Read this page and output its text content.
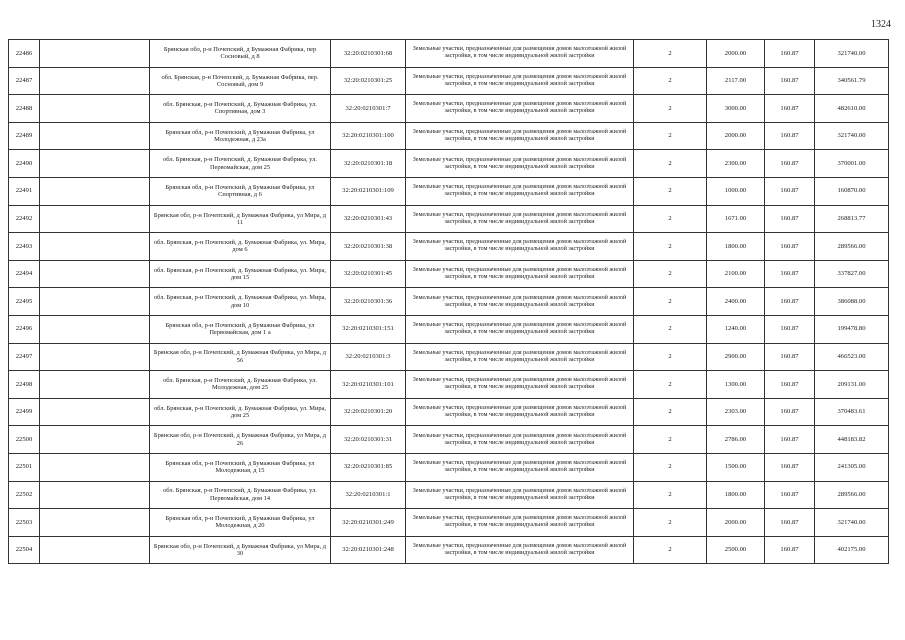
1324
22486		Брянская обл, р-н Почепский, д Бумажная Фабрика, пер Сосновый, д 8	32:20:0210301:68	Земельные участки, предназначенные для размещения домов малоэтажной жилой застройки, в том числе индивидуальной жилой застройки	2	2000.00	160.87	321740.00
22487		обл. Брянская, р-н Почепский, д. Бумажная Фабрика, пер. Сосновый, дом 9	32:20:0210301:25	Земельные участки, предназначенные для размещения домов малоэтажной жилой застройки, в том числе индивидуальной жилой застройки	2	2117.00	160.87	340561.79
22488		обл. Брянская, р-н Почепский, д. Бумажная Фабрика, ул. Спортивная, дом 3	32:20:0210301:7	Земельные участки, предназначенные для размещения домов малоэтажной жилой застройки, в том числе индивидуальной жилой застройки	2	3000.00	160.87	482610.00
22489		Брянская обл, р-н Почепский, д Бумажная Фабрика, ул Молодежная, д 23а	32:20:0210301:100	Земельные участки, предназначенные для размещения домов малоэтажной жилой застройки, в том числе индивидуальной жилой застройки	2	2000.00	160.87	321740.00
22490		обл. Брянская, р-н Почепский, д. Бумажная Фабрика, ул. Первомайская, дом 25	32:20:0210301:18	Земельные участки, предназначенные для размещения домов малоэтажной жилой застройки, в том числе индивидуальной жилой застройки	2	2300.00	160.87	370001.00
22491		Брянская обл, р-н Почепский, д Бумажная Фабрика, ул Спортивная, д 6	32:20:0210301:109	Земельные участки, предназначенные для размещения домов малоэтажной жилой застройки, в том числе индивидуальной жилой застройки	2	1000.00	160.87	160870.00
22492		Брянская обл, р-н Почепский, д Бумажная Фабрика, ул Мира, д 11	32:20:0210301:43	Земельные участки, предназначенные для размещения домов малоэтажной жилой застройки, в том числе индивидуальной жилой застройки	2	1671.00	160.87	268813.77
22493		обл. Брянская, р-н Почепский, д. Бумажная Фабрика, ул. Мира, дом 6	32:20:0210301:38	Земельные участки, предназначенные для размещения домов малоэтажной жилой застройки, в том числе индивидуальной жилой застройки	2	1800.00	160.87	289566.00
22494		обл. Брянская, р-н Почепский, д. Бумажная Фабрика, ул. Мира, дом 15	32:20:0210301:45	Земельные участки, предназначенные для размещения домов малоэтажной жилой застройки, в том числе индивидуальной жилой застройки	2	2100.00	160.87	337827.00
22495		обл. Брянская, р-н Почепский, д. Бумажная Фабрика, ул. Мира, дом 10	32:20:0210301:36	Земельные участки, предназначенные для размещения домов малоэтажной жилой застройки, в том числе индивидуальной жилой застройки	2	2400.00	160.87	386088.00
22496		Брянская обл, р-н Почепский, д Бумажная Фабрика, ул Первомайская, дом 1 а	32:20:0210301:151	Земельные участки, предназначенные для размещения домов малоэтажной жилой застройки, в том числе индивидуальной жилой застройки	2	1240.00	160.87	199478.80
22497		Брянская обл, р-н Почепский, д Бумажная Фабрика, ул Мира, д 56	32:20:0210301:3	Земельные участки, предназначенные для размещения домов малоэтажной жилой застройки, в том числе индивидуальной жилой застройки	2	2900.00	160.87	466523.00
22498		обл. Брянская, р-н Почепский, д. Бумажная Фабрика, ул. Молодежная, дом 25	32:20:0210301:101	Земельные участки, предназначенные для размещения домов малоэтажной жилой застройки, в том числе индивидуальной жилой застройки	2	1300.00	160.87	209131.00
22499		обл. Брянская, р-н Почепский, д. Бумажная Фабрика, ул. Мира, дом 25	32:20:0210301:20	Земельные участки, предназначенные для размещения домов малоэтажной жилой застройки, в том числе индивидуальной жилой застройки	2	2303.00	160.87	370483.61
22500		Брянская обл, р-н Почепский, д Бумажная Фабрика, ул Мира, д 26	32:20:0210301:31	Земельные участки, предназначенные для размещения домов малоэтажной жилой застройки, в том числе индивидуальной жилой застройки	2	2786.00	160.87	448183.82
22501		Брянская обл, р-н Почепский, д Бумажная Фабрика, ул Молодежная, д 15	32:20:0210301:85	Земельные участки, предназначенные для размещения домов малоэтажной жилой застройки, в том числе индивидуальной жилой застройки	2	1500.00	160.87	241305.00
22502		обл. Брянская, р-н Почепский, д. Бумажная Фабрика, ул. Первомайская, дом 14	32:20:0210301:1	Земельные участки, предназначенные для размещения домов малоэтажной жилой застройки, в том числе индивидуальной жилой застройки	2	1800.00	160.87	289566.00
22503		Брянская обл, р-н Почепский, д Бумажная Фабрика, ул Молодежная, д 20	32:20:0210301:249	Земельные участки, предназначенные для размещения домов малоэтажной жилой застройки, в том числе индивидуальной жилой застройки	2	2000.00	160.87	321740.00
22504		Брянская обл, р-н Почепский, д Бумажная Фабрика, ул Мира, д 30	32:20:0210301:248	Земельные участки, предназначенные для размещения домов малоэтажной жилой застройки, в том числе индивидуальной жилой застройки	2	2500.00	160.87	402175.00
